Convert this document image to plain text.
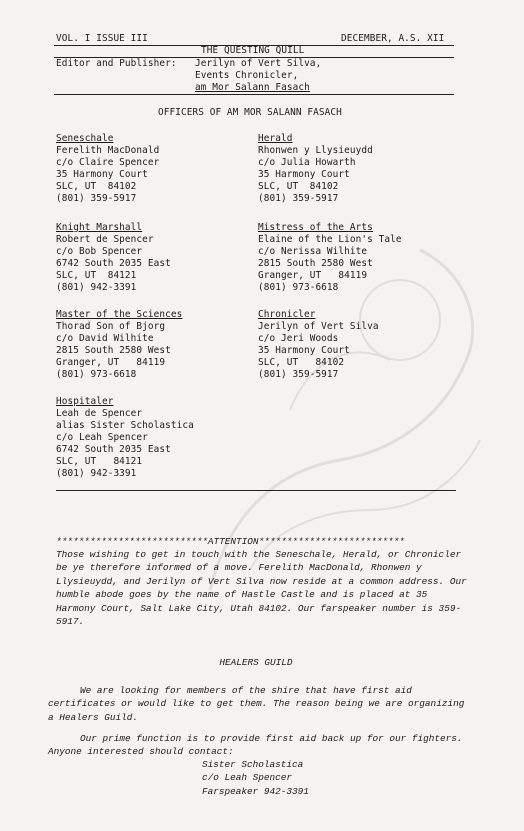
VOL. I ISSUE III	DECEMBER, A.S. XII
THE QUESTING QUILL
Editor and Publisher: Jerilyn of Vert Silva,
Events Chronicler,
am Mor Salann Fasach
OFFICERS OF AM MOR SALANN FASACH
Seneschale
Ferelith MacDonald
c/o Claire Spencer
35 Harmony Court
SLC, UT  84102
(801) 359-5917
Knight Marshall
Robert de Spencer
c/o Bob Spencer
6742 South 2035 East
SLC, UT  84121
(801) 942-3391
Master of the Sciences
Thorad Son of Bjorg
c/o David Wilhite
2815 South 2580 West
Granger, UT   84119
(801) 973-6618
Hospitaler
Leah de Spencer
alias Sister Scholastica
c/o Leah Spencer
6742 South 2035 East
SLC, UT   84121
(801) 942-3391
Herald
Rhonwen y Llysieuydd
c/o Julia Howarth
35 Harmony Court
SLC, UT  84102
(801) 359-5917
Mistress of the Arts
Elaine of the Lion's Tale
c/o Nerissa Wilhite
2815 South 2580 West
Granger, UT   84119
(801) 973-6618
Chronicler
Jerilyn of Vert Silva
c/o Jeri Woods
35 Harmony Court
SLC, UT   84102
(801) 359-5917
***************************ATTENTION**************************
Those wishing to get in touch with the Seneschale, Herald, or Chronicler be ye therefore informed of a move. Ferelith MacDonald, Rhonwen y Llysieuydd, and Jerilyn of Vert Silva now reside at a common address. Our humble abode goes by the name of Hastle Castle and is placed at 35 Harmony Court, Salt Lake City, Utah 84102. Our farspeaker number is 359-5917.
HEALERS GUILD
We are looking for members of the shire that have first aid certificates or would like to get them. The reason being we are organizing a Healers Guild.
Our prime function is to provide first aid back up for our fighters. Anyone interested should contact:
Sister Scholastica
c/o Leah Spencer
Farspeaker 942-3391
